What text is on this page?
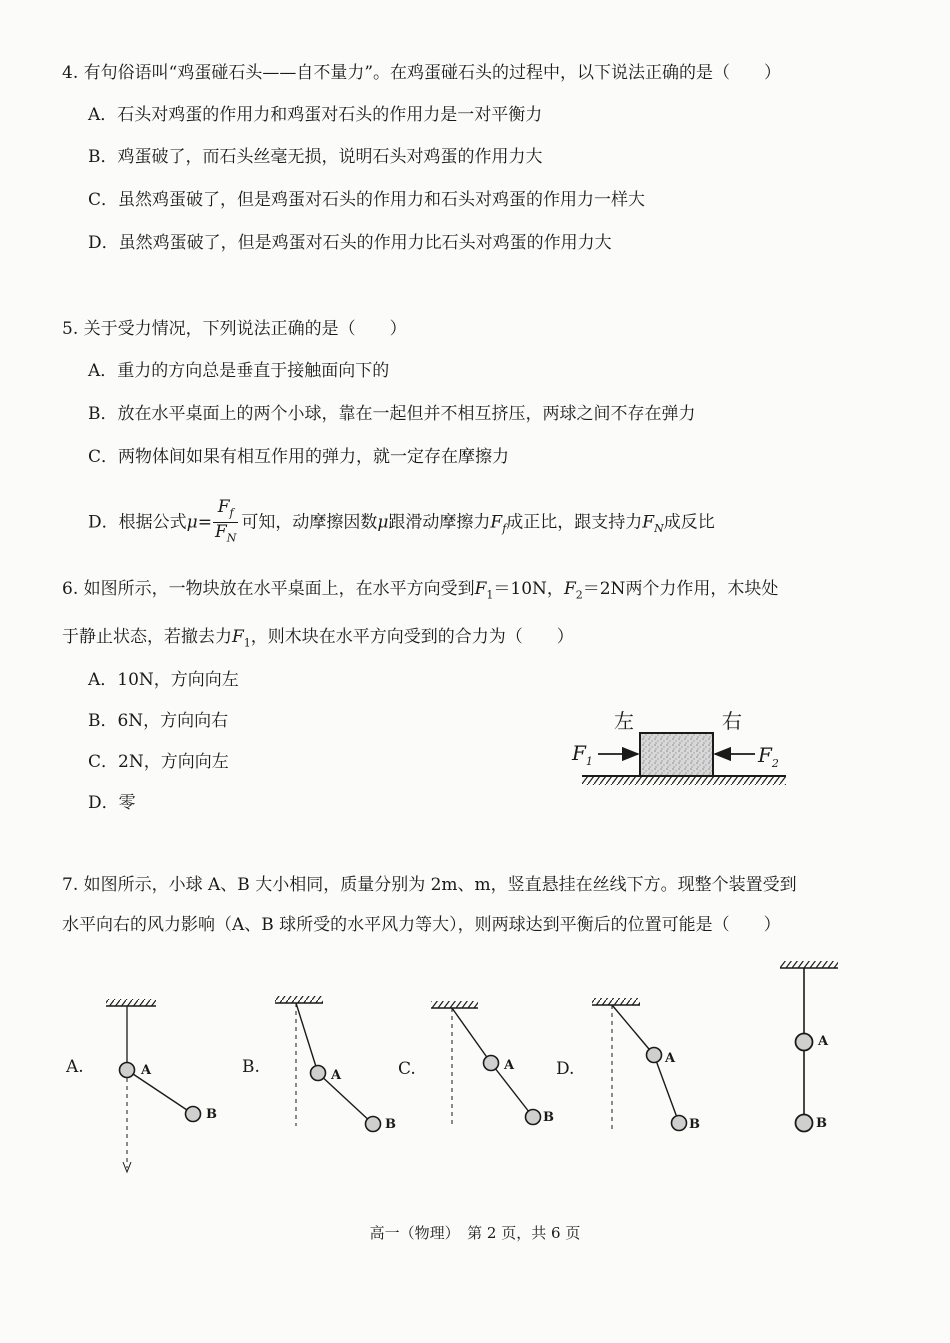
4. 有句俗语叫“鸡蛋碰石头——自不量力”。在鸡蛋碰石头的过程中，以下说法正确的是（　　）
A．石头对鸡蛋的作用力和鸡蛋对石头的作用力是一对平衡力
B．鸡蛋破了，而石头丝毫无损，说明石头对鸡蛋的作用力大
C．虽然鸡蛋破了，但是鸡蛋对石头的作用力和石头对鸡蛋的作用力一样大
D．虽然鸡蛋破了，但是鸡蛋对石头的作用力比石头对鸡蛋的作用力大
5. 关于受力情况，下列说法正确的是（　　）
A．重力的方向总是垂直于接触面向下的
B．放在水平桌面上的两个小球，靠在一起但并不相互挤压，两球之间不存在弹力
C．两物体间如果有相互作用的弹力，就一定存在摩擦力
D．根据公式$\mu= \frac{F_f}{F_N}$ 可知，动摩擦因数μ跟滑动摩擦力$F_f$成正比，跟支持力$F_N$成反比
6. 如图所示，一物块放在水平桌面上，在水平方向受到$F_1=10N$，$F_2=2N$两个力作用，木块处
于静止状态，若撤去力$F_1$，则木块在水平方向受到的合力为（　　）
A．10N，方向向左
B．6N，方向向右
C．2N，方向向左
D．零
左	右
$F_1$	$F_2$
7. 如图所示，小球 A、B 大小相同，质量分别为 2m、m，竖直悬挂在丝线下方。现整个装置受到
水平向右的风力影响（A、B 球所受的水平风力等大），则两球达到平衡后的位置可能是（　　）
A.	B.	C.	D.
A
B
A
B
A
B
A
B
A
B
高一（物理）　第 2 页，共 6 页
